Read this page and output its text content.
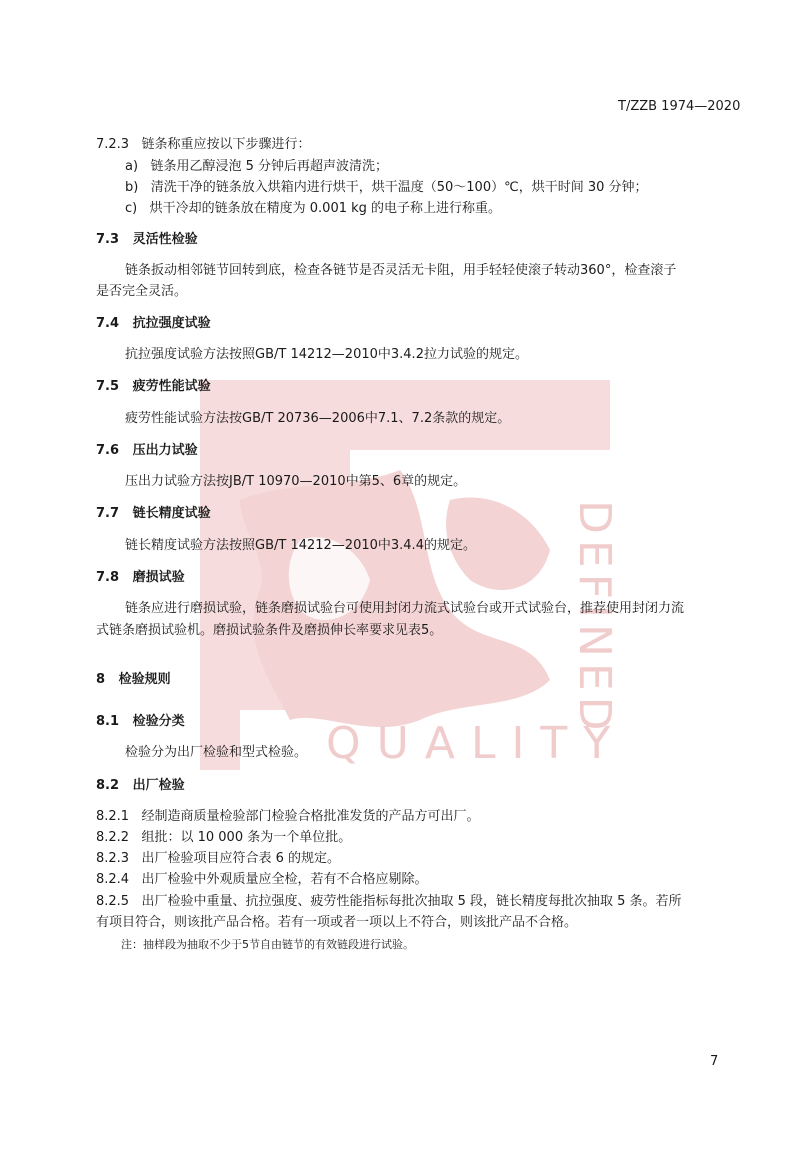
DEFINED
QUALITY
T/ZZB 1974—2020
7.2.3 链条称重应按以下步骤进行：
a) 链条用乙醇浸泡 5 分钟后再超声波清洗；
b) 清洗干净的链条放入烘箱内进行烘干，烘干温度（50～100）℃，烘干时间 30 分钟；
c) 烘干冷却的链条放在精度为 0.001 kg 的电子称上进行称重。
7.3 灵活性检验
链条扳动相邻链节回转到底，检查各链节是否灵活无卡阻，用手轻轻使滚子转动360°，检查滚子
是否完全灵活。
7.4 抗拉强度试验
抗拉强度试验方法按照GB/T 14212—2010中3.4.2拉力试验的规定。
7.5 疲劳性能试验
疲劳性能试验方法按GB/T 20736—2006中7.1、7.2条款的规定。
7.6 压出力试验
压出力试验方法按JB/T 10970—2010中第5、6章的规定。
7.7 链长精度试验
链长精度试验方法按照GB/T 14212—2010中3.4.4的规定。
7.8 磨损试验
链条应进行磨损试验，链条磨损试验台可使用封闭力流式试验台或开式试验台，推荐使用封闭力流
式链条磨损试验机。磨损试验条件及磨损伸长率要求见表5。
8 检验规则
8.1 检验分类
检验分为出厂检验和型式检验。
8.2 出厂检验
8.2.1 经制造商质量检验部门检验合格批准发货的产品方可出厂。
8.2.2 组批：以 10 000 条为一个单位批。
8.2.3 出厂检验项目应符合表 6 的规定。
8.2.4 出厂检验中外观质量应全检，若有不合格应剔除。
8.2.5 出厂检验中重量、抗拉强度、疲劳性能指标每批次抽取 5 段，链长精度每批次抽取 5 条。若所
有项目符合，则该批产品合格。若有一项或者一项以上不符合，则该批产品不合格。
注：抽样段为抽取不少于5节自由链节的有效链段进行试验。
7
